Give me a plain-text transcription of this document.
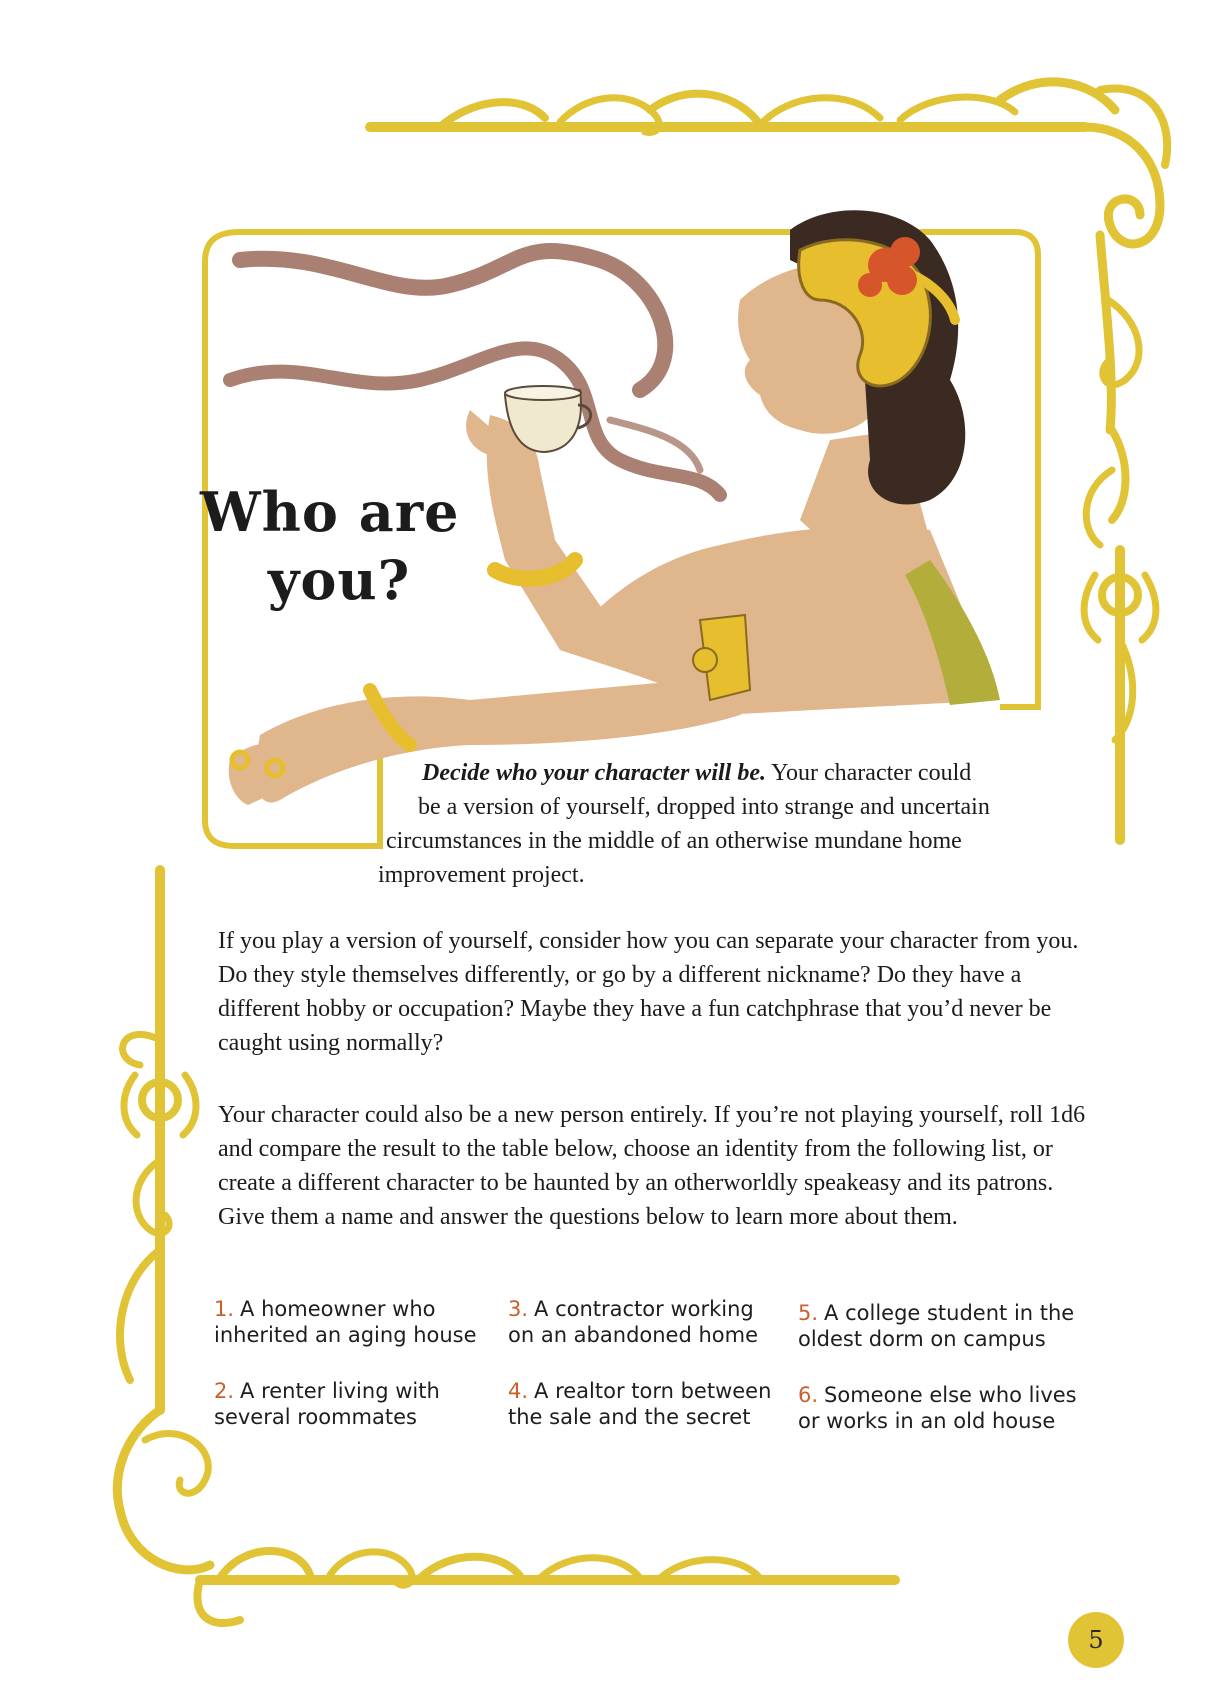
Who are
you?

Decide who your character will be. Your character could
be a version of yourself, dropped into strange and uncertain
circumstances in the middle of an otherwise mundane home
improvement project.

If you play a version of yourself, consider how you can separate your character from you. Do they style themselves differently, or go by a different nickname? Do they have a different hobby or occupation? Maybe they have a fun catchphrase that you’d never be caught using normally?

Your character could also be a new person entirely. If you’re not playing yourself, roll 1d6 and compare the result to the table below, choose an identity from the following list, or create a different character to be haunted by an otherworldly speakeasy and its patrons. Give them a name and answer the questions below to learn more about them.

1. A homeowner who
inherited an aging house
2. A renter living with
several roommates
3. A contractor working
on an abandoned home
4. A realtor torn between
the sale and the secret
5. A college student in the
oldest dorm on campus
6. Someone else who lives
or works in an old house
5
